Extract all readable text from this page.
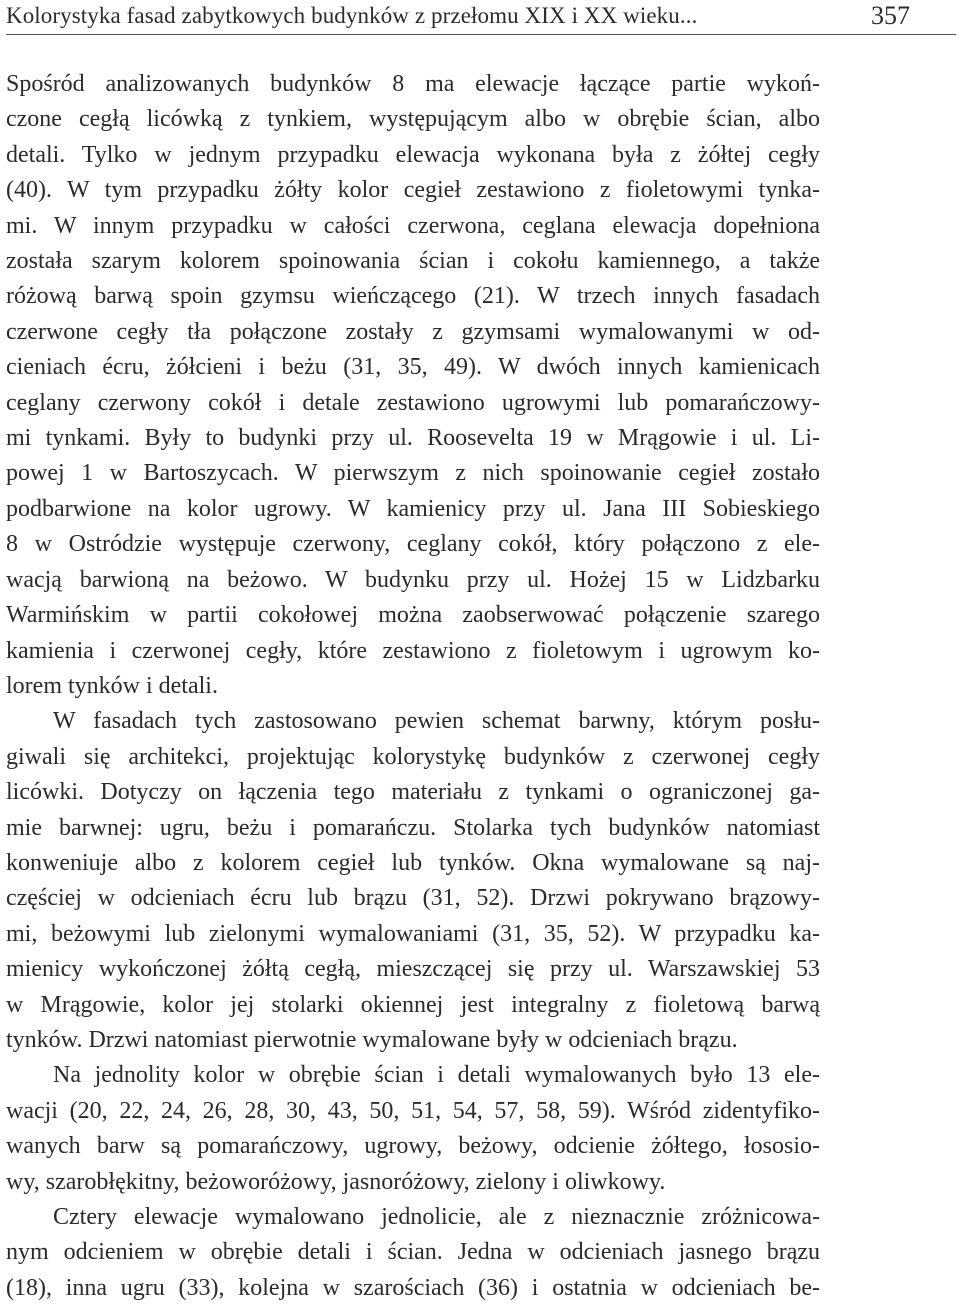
Kolorystyka fasad zabytkowych budynków z przełomu XIX i XX wieku...	357
Spośród analizowanych budynków 8 ma elewacje łączące partie wykoń-
czone cegłą licówką z tynkiem, występującym albo w obrębie ścian, albo
detali. Tylko w jednym przypadku elewacja wykonana była z żółtej cegły
(40). W tym przypadku żółty kolor cegieł zestawiono z fioletowymi tynka-
mi. W innym przypadku w całości czerwona, ceglana elewacja dopełniona
została szarym kolorem spoinowania ścian i cokołu kamiennego, a także
różową barwą spoin gzymsu wieńczącego (21). W trzech innych fasadach
czerwone cegły tła połączone zostały z gzymsami wymalowanymi w od-
cieniach écru, żółcieni i beżu (31, 35, 49). W dwóch innych kamienicach
ceglany czerwony cokół i detale zestawiono ugrowymi lub pomarańczowy-
mi tynkami. Były to budynki przy ul. Roosevelta 19 w Mrągowie i ul. Li-
powej 1 w Bartoszycach. W pierwszym z nich spoinowanie cegieł zostało
podbarwione na kolor ugrowy. W kamienicy przy ul. Jana III Sobieskiego
8 w Ostródzie występuje czerwony, ceglany cokół, który połączono z ele-
wacją barwioną na beżowo. W budynku przy ul. Hożej 15 w Lidzbarku
Warmińskim w partii cokołowej można zaobserwować połączenie szarego
kamienia i czerwonej cegły, które zestawiono z fioletowym i ugrowym ko-
lorem tynków i detali.
W fasadach tych zastosowano pewien schemat barwny, którym posłu-
giwali się architekci, projektując kolorystykę budynków z czerwonej cegły
licówki. Dotyczy on łączenia tego materiału z tynkami o ograniczonej ga-
mie barwnej: ugru, beżu i pomarańczu. Stolarka tych budynków natomiast
konweniuje albo z kolorem cegieł lub tynków. Okna wymalowane są naj-
częściej w odcieniach écru lub brązu (31, 52). Drzwi pokrywano brązowy-
mi, beżowymi lub zielonymi wymalowaniami (31, 35, 52). W przypadku ka-
mienicy wykończonej żółtą cegłą, mieszczącej się przy ul. Warszawskiej 53
w Mrągowie, kolor jej stolarki okiennej jest integralny z fioletową barwą
tynków. Drzwi natomiast pierwotnie wymalowane były w odcieniach brązu.
Na jednolity kolor w obrębie ścian i detali wymalowanych było 13 ele-
wacji (20, 22, 24, 26, 28, 30, 43, 50, 51, 54, 57, 58, 59). Wśród zidentyfiko-
wanych barw są pomarańczowy, ugrowy, beżowy, odcienie żółtego, łososio-
wy, szarobłękitny, beżoworóżowy, jasnoróżowy, zielony i oliwkowy.
Cztery elewacje wymalowano jednolicie, ale z nieznacznie zróżnicowa-
nym odcieniem w obrębie detali i ścian. Jedna w odcieniach jasnego brązu
(18), inna ugru (33), kolejna w szarościach (36) i ostatnia w odcieniach be-
